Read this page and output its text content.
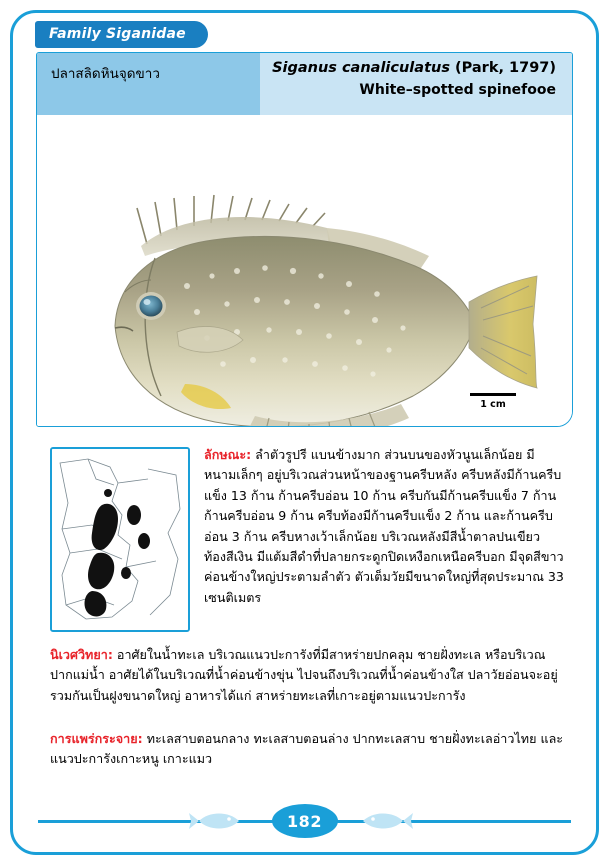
Family Siganidae
ปลาสลิดหินจุดขาว	Siganus canaliculatus (Park, 1797)
White–spotted spinefooe
1 cm
ลักษณะ: ลำตัวรูปรี แบนข้างมาก ส่วนบนของหัวนูนเล็กน้อย มีหนามเล็กๆ อยู่บริเวณส่วนหน้าของฐานครีบหลัง ครีบหลังมีก้านครีบแข็ง 13 ก้าน ก้านครีบอ่อน 10 ก้าน ครีบกันมีก้านครีบแข็ง 7 ก้าน ก้านครีบอ่อน 9 ก้าน ครีบท้องมีก้านครีบแข็ง 2 ก้าน และก้านครีบอ่อน 3 ก้าน ครีบหางเว้าเล็กน้อย บริเวณหลังมีสีน้ำตาลปนเขียว ท้องสีเงิน มีแต้มสีดำที่ปลายกระดูกปิดเหงือกเหนือครีบอก มีจุดสีขาวค่อนข้างใหญ่ประตามลำตัว ตัวเต็มวัยมีขนาดใหญ่ที่สุดประมาณ 33 เซนติเมตร
นิเวศวิทยา: อาศัยในน้ำทะเล บริเวณแนวปะการังที่มีสาหร่ายปกคลุม ชายฝั่งทะเล หรือบริเวณปากแม่น้ำ อาศัยได้ในบริเวณที่น้ำค่อนข้างขุ่น ไปจนถึงบริเวณที่น้ำค่อนข้างใส ปลาวัยอ่อนจะอยู่รวมกันเป็นฝูงขนาดใหญ่ อาหารได้แก่ สาหร่ายทะเลที่เกาะอยู่ตามแนวปะการัง
การแพร่กระจาย: ทะเลสาบตอนกลาง ทะเลสาบตอนล่าง ปากทะเลสาบ ชายฝั่งทะเลอ่าวไทย และแนวปะการังเกาะหนู เกาะแมว
182
